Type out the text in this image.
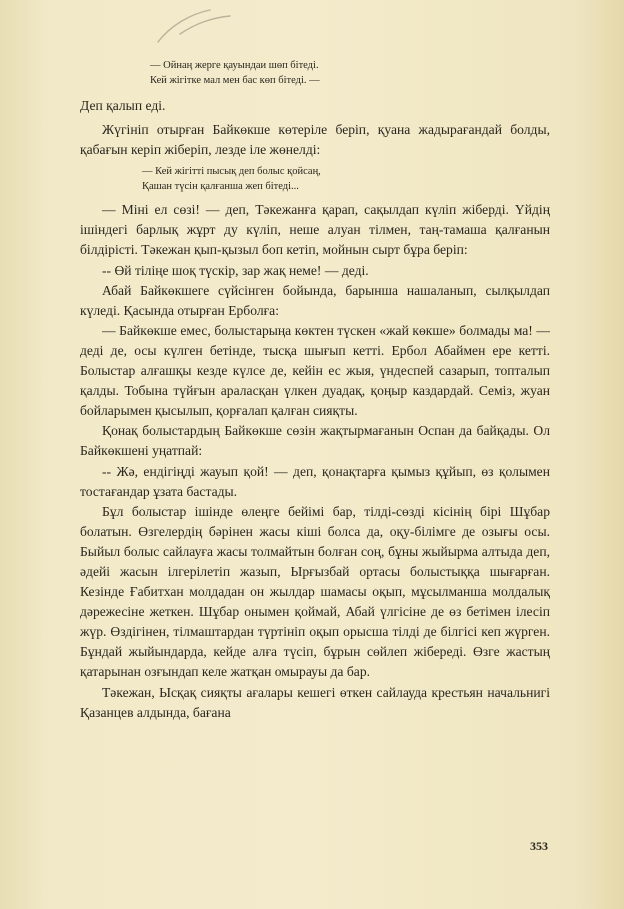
— Ойнаң жерге қауындаи шөп бітеді.

Кей жігітке мал мен бас көп бітеді. —

Деп қалып еді.

Жүгініп отырған Байкөкше көтеріле беріп, қуана жадырағандай болды, қабағын керіп жіберіп, лезде іле жөнелді:

— Кей жігітті пысық деп болыс қойсаң,

Қашан түсін қалғанша жеп бітеді...

— Міні ел сөзі! — деп, Тәкежанға қарап, сақылдап күліп жіберді. Үйдің ішіндегі барлық жұрт ду күліп, неше алуан тілмен, таң-тамаша қалғанын білдірісті. Тәкежан қып-қызыл боп кетіп, мойнын сырт бұра беріп:

-- Өй тіліңе шоқ түскір, зар жақ неме! — деді.

Абай Байкөкшеге сүйсінген бойында, барынша нашаланып, сылқылдап күледі. Қасында отырған Ерболға:

— Байкөкше емес, болыстарыңа көктен түскен «жай көкше» болмады ма! — деді де, осы күлген бетінде, тысқа шығып кетті. Ербол Абаймен ере кетті. Болыстар алғашқы кезде күлсе де, кейін ес жыя, үндеспей сазарып, топталып қалды. Тобына түйғын араласқан үлкен дуадақ, қоңыр каздардай. Семіз, жуан бойларымен қысылып, қорғалап қалған сияқты.

Қонақ болыстардың Байкөкше сөзін жақтырмағанын Оспан да байқады. Ол Байкөкшені уңатпай:

-- Жә, ендігіңді жауып қой! — деп, қонақтарға қымыз құйып, өз қолымен тостағандар ұзата бастады.

Бұл болыстар ішінде өлеңге бейімі бар, тілді-сөзді кісінің бірі Шұбар болатын. Өзгелердің бәрінен жасы кіші болса да, оқу-білімге де озығы осы. Быйыл болыс сайлауға жасы толмайтын болған соң, бұны жыйырма алтыда деп, әдейі жасын ілгерілетіп жазып, Ырғызбай ортасы болыстыққа шығарған. Кезінде Ғабитхан молдадан он жылдар шамасы оқып, мұсылманша молдалық дәрежесіне жеткен. Шұбар онымен қоймай, Абай үлгісіне де өз бетімен ілесіп жүр. Өздігінен, тілмаштардан түртініп оқып орысша тілді де білгісі кеп жүрген. Бұндай жыйындарда, кейде алға түсіп, бұрын сөйлеп жібереді. Өзге жастың қатарынан озғындап келе жатқан омырауы да бар.

Тәкежан, Ысқақ сияқты ағалары кешегі өткен сайлауда крестьян начальнигі Қазанцев алдында, бағана

353
